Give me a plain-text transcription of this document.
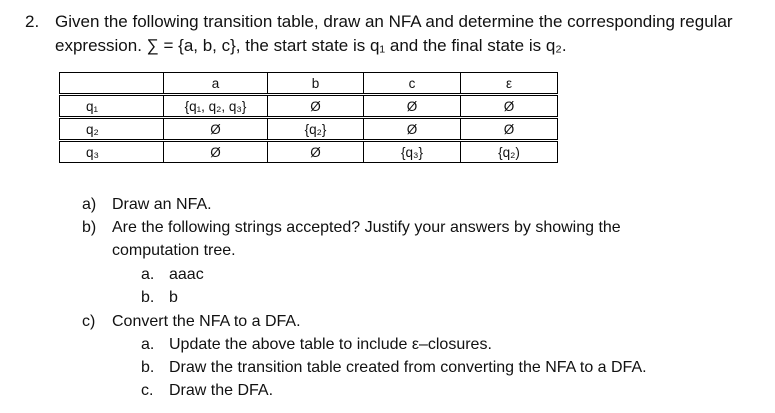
2. Given the following transition table, draw an NFA and determine the corresponding regular
expression. ∑ = {a, b, c}, the start state is q₁ and the final state is q₂.
	a	b	c	ε
q₁	{q₁, q₂, q₃}	Ø	Ø	Ø
q₂	Ø	{q₂}	Ø	Ø
q₃	Ø	Ø	{q₃}	{q₂)
a) Draw an NFA.
b) Are the following strings accepted? Justify your answers by showing the
computation tree.
a. aaac
b. b
c) Convert the NFA to a DFA.
a. Update the above table to include ε–closures.
b. Draw the transition table created from converting the NFA to a DFA.
c. Draw the DFA.
